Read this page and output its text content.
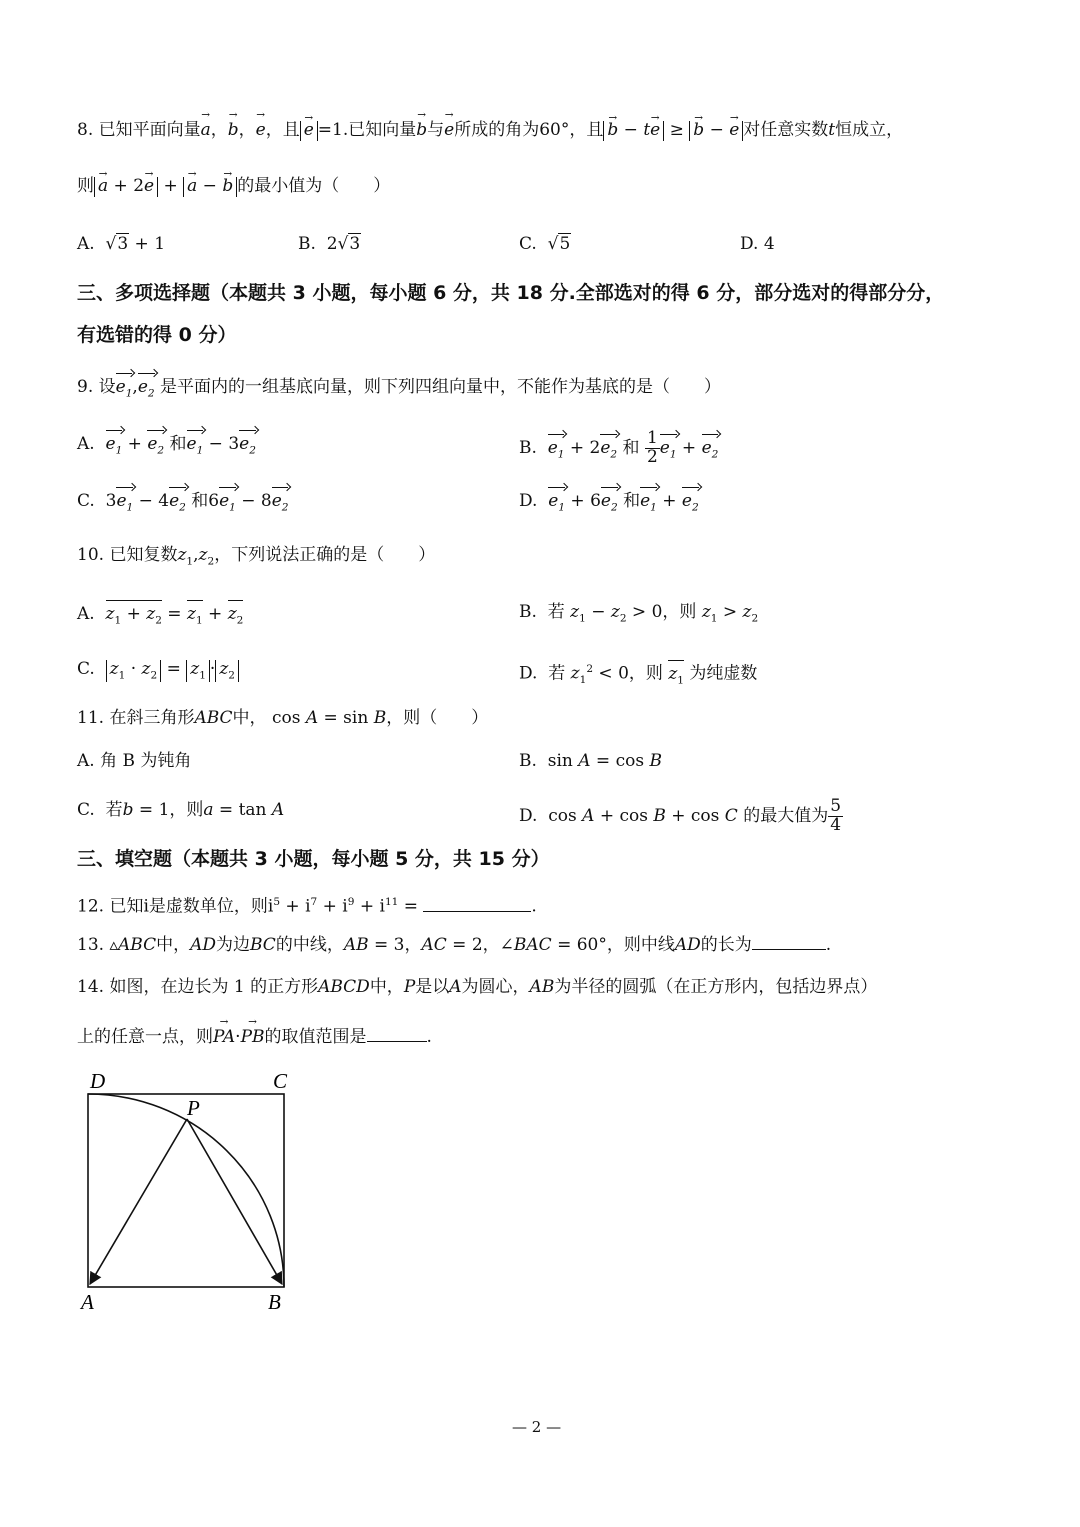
8. 已知平面向量→ a，→ b，→ e，且 → e =1.已知向量→ b与→ e所成的角为60°，且 → b − t→ e ≥ → b − → e 对任意实数t恒成立，
则 → a + 2→ e + → a − → b 的最小值为（　　）
A.  √3 + 1	B.  2√3	C.  √5	D. 4
三、多项选择题（本题共 3 小题，每小题 6 分，共 18 分.全部选对的得 6 分，部分选对的得部分分，
有选错的得 0 分）
9. 设$e_1,e_2$ 是平面内的一组基底向量，则下列四组向量中，不能作为基底的是（　　）
A. $e_1 + e_2$ 和$e_1 - 3e_2$	B. $e_1 + 2e_2$ 和 $\frac{1}{2} e_1 + e_2$
C.  $3e_1 - 4e_2$ 和$6e_1 - 8e_2$	D. $e_1 + 6e_2$ 和$e_1 + e_2$
10. 已知复数$z_1,z_2$，下列说法正确的是（　　）
A. $z_1 + z_2 = z_1 + z_2$	B. 若 $z_1 - z_2 > 0$，则 $z_1 > z_2$
C. $z_1 \cdot z_2 = z_1 \cdot z_2$	D. 若 $z_1^2 < 0$，则 $z_1$ 为纯虚数
11. 在斜三角形ABC中， cos A = sin B，则（　　）
A. 角 B 为钝角	B.  sin A = cos B
C. 若b = 1，则a = tan A	D.  cos A + cos B + cos C 的最大值为 $\frac{5}{4}$
三、填空题（本题共 3 小题，每小题 5 分，共 15 分）
12. 已知i是虚数单位，则$i^5 + i^7 + i^9 + i^{11}$ =	.
13. ▵ABC中，AD为边BC的中线，AB = 3，AC = 2，∠BAC = 60°，则中线AD的长为	.
14. 如图，在边长为 1 的正方形ABCD中，P是以A为圆心，AB为半径的圆弧（在正方形内，包括边界点）
上的任意一点，则→ PA·→ PB的取值范围是	.
D	C
P
A	B
— 2 —
